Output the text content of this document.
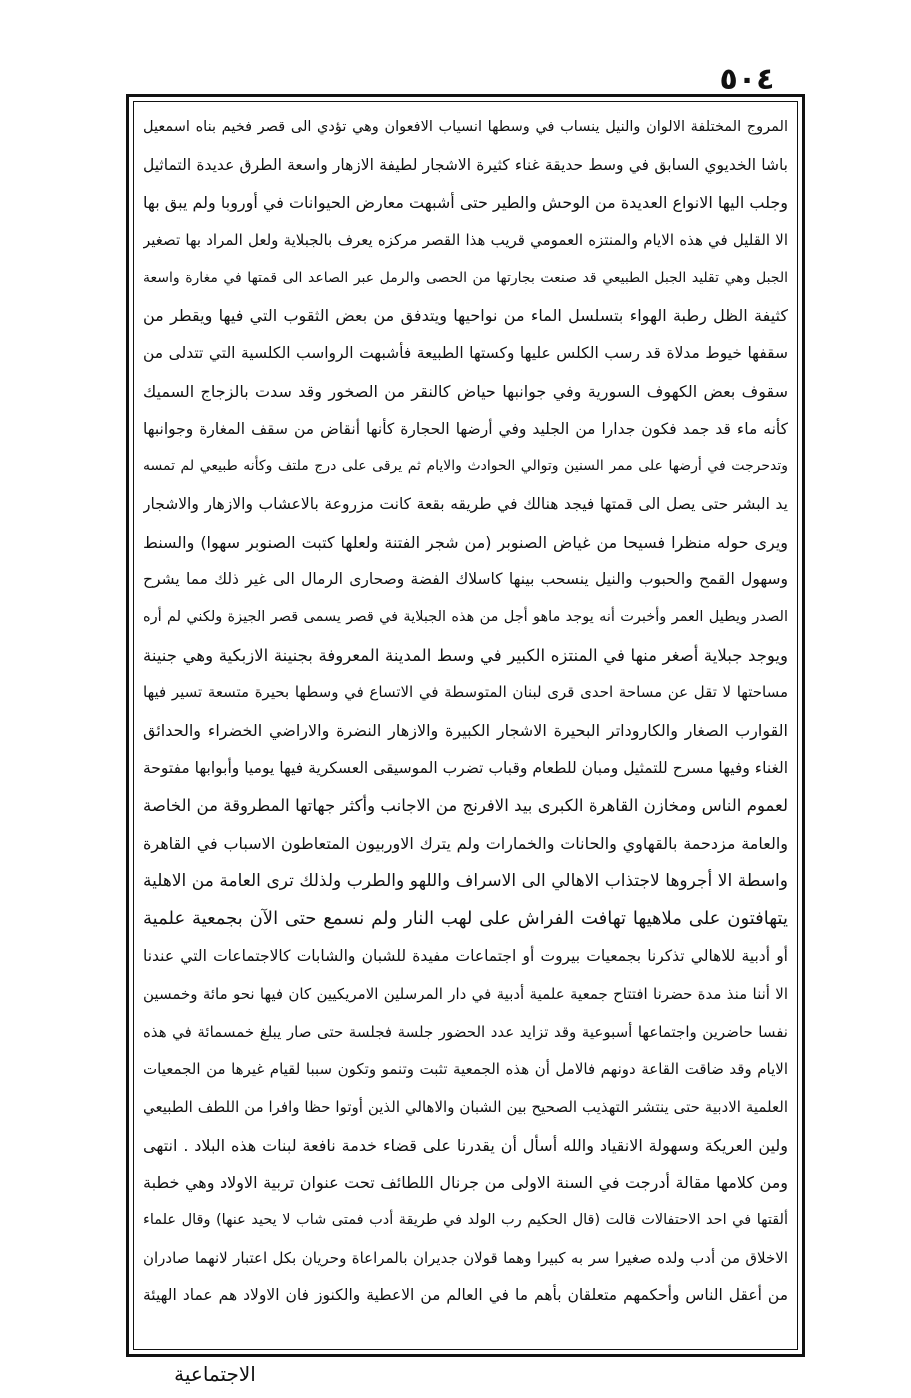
٥٠٤
المروج المختلفة الالوان والنيل ينساب في وسطها انسياب الافعوان وهي تؤدي الى قصر فخيم بناه اسمعيل
باشا الخديوي السابق في وسط حديقة غناء كثيرة الاشجار لطيفة الازهار واسعة الطرق عديدة التماثيل
وجلب اليها الانواع العديدة من الوحش والطير حتى أشبهت معارض الحيوانات في أوروبا ولم يبق بها
الا القليل في هذه الايام والمنتزه العمومي قريب هذا القصر مركزه يعرف بالجبلاية ولعل المراد بها تصغير
الجبل وهي تقليد الجبل الطبيعي قد صنعت بجارتها من الحصى والرمل عبر الصاعد الى قمتها في مغارة واسعة
كثيفة الظل رطبة الهواء بتسلسل الماء من نواحيها ويتدفق من بعض الثقوب التي فيها ويقطر من
سقفها خيوط مدلاة قد رسب الكلس عليها وكستها الطبيعة فأشبهت الرواسب الكلسية التي تتدلى من
سقوف بعض الكهوف السورية وفي جوانبها حياض كالنقر من الصخور وقد سدت بالزجاج السميك
كأنه ماء قد جمد فكون جدارا من الجليد وفي أرضها الحجارة كأنها أنقاض من سقف المغارة وجوانبها
وتدحرجت في أرضها على ممر السنين وتوالي الحوادث والايام ثم يرقى على درج ملتف وكأنه طبيعي لم تمسه
يد البشر حتى يصل الى قمتها فيجد هنالك في طريقه بقعة كانت مزروعة بالاعشاب والازهار والاشجار
ويرى حوله منظرا فسيحا من غياض الصنوبر (من شجر الفتنة ولعلها كتبت الصنوبر سهوا) والسنط
وسهول القمح والحبوب والنيل ينسحب بينها كاسلاك الفضة وصحارى الرمال الى غير ذلك مما يشرح
الصدر ويطيل العمر وأخبرت أنه يوجد ماهو أجل من هذه الجبلاية في قصر يسمى قصر الجيزة ولكني لم أره
ويوجد جبلاية أصغر منها في المنتزه الكبير في وسط المدينة المعروفة بجنينة الازبكية وهي جنينة
مساحتها لا تقل عن مساحة احدى قرى لبنان المتوسطة في الاتساع في وسطها بحيرة متسعة تسير فيها
القوارب الصغار والكاروداتر البحيرة الاشجار الكبيرة والازهار النضرة والاراضي الخضراء والحدائق
الغناء وفيها مسرح للتمثيل ومبان للطعام وقباب تضرب الموسيقى العسكرية فيها يوميا وأبوابها مفتوحة
لعموم الناس ومخازن القاهرة الكبرى بيد الافرنج من الاجانب وأكثر جهاتها المطروقة من الخاصة
والعامة مزدحمة بالقهاوي والحانات والخمارات ولم يترك الاوربيون المتعاطون الاسباب في القاهرة
واسطة الا أجروها لاجتذاب الاهالي الى الاسراف واللهو والطرب ولذلك ترى العامة من الاهلية
يتهافتون على ملاهيها تهافت الفراش على لهب النار ولم نسمع حتى الآن بجمعية علمية
أو أدبية للاهالي تذكرنا بجمعيات بيروت أو اجتماعات مفيدة للشبان والشابات كالاجتماعات التي عندنا
الا أننا منذ مدة حضرنا افتتاح جمعية علمية أدبية في دار المرسلين الامريكيين كان فيها نحو مائة وخمسين
نفسا حاضرين واجتماعها أسبوعية وقد تزايد عدد الحضور جلسة فجلسة حتى صار يبلغ خمسمائة في هذه
الايام وقد ضاقت القاعة دونهم فالامل أن هذه الجمعية تثبت وتنمو وتكون سببا لقيام غيرها من الجمعيات
العلمية الادبية حتى ينتشر التهذيب الصحيح بين الشبان والاهالي الذين أوتوا حظا وافرا من اللطف الطبيعي
ولين العريكة وسهولة الانقياد والله أسأل أن يقدرنا على قضاء خدمة نافعة لبنات هذه البلاد . انتهى
ومن كلامها مقالة أدرجت في السنة الاولى من جرنال اللطائف تحت عنوان تربية الاولاد وهي خطبة
ألقتها في احد الاحتفالات قالت (قال الحكيم رب الولد في طريقة أدب فمتى شاب لا يحيد عنها) وقال علماء
الاخلاق من أدب ولده صغيرا سر به كبيرا وهما قولان جديران بالمراعاة وحريان بكل اعتبار لانهما صادران
من أعقل الناس وأحكمهم متعلقان بأهم ما في العالم من الاعطية والكنوز فان الاولاد هم عماد الهيئة
الاجتماعية
